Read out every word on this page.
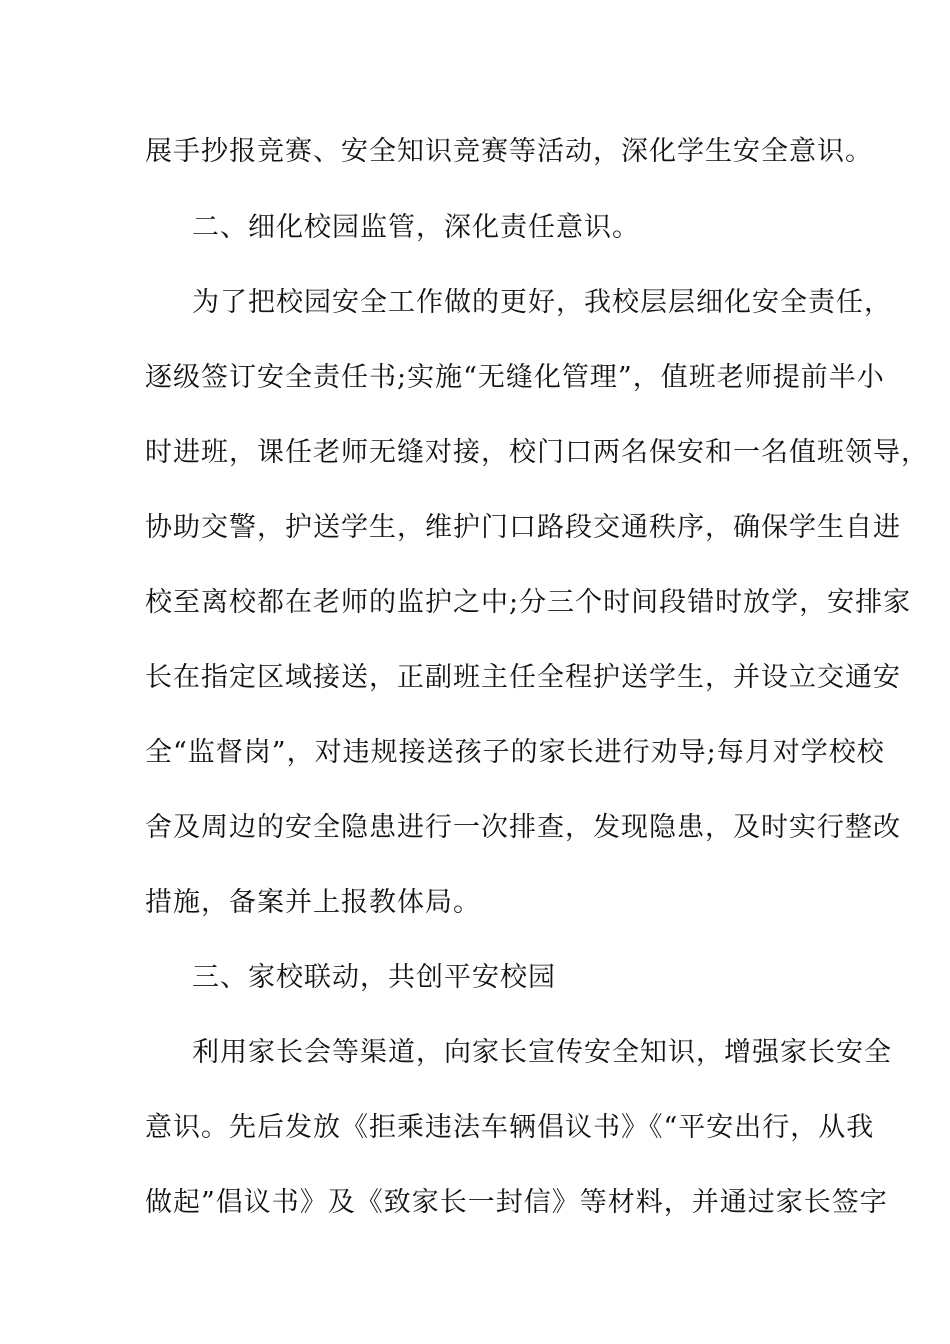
展手抄报竞赛、安全知识竞赛等活动，深化学生安全意识。

二、细化校园监管，深化责任意识。

为了把校园安全工作做的更好，我校层层细化安全责任，

逐级签订安全责任书;实施“无缝化管理”，值班老师提前半小

时进班，课任老师无缝对接，校门口两名保安和一名值班领导，

协助交警，护送学生，维护门口路段交通秩序，确保学生自进

校至离校都在老师的监护之中;分三个时间段错时放学，安排家

长在指定区域接送，正副班主任全程护送学生，并设立交通安

全“监督岗”，对违规接送孩子的家长进行劝导;每月对学校校

舍及周边的安全隐患进行一次排查，发现隐患，及时实行整改

措施，备案并上报教体局。

三、家校联动，共创平安校园

利用家长会等渠道，向家长宣传安全知识，增强家长安全

意识。先后发放《拒乘违法车辆倡议书》《“平安出行，从我

做起”倡议书》及《致家长一封信》等材料，并通过家长签字
